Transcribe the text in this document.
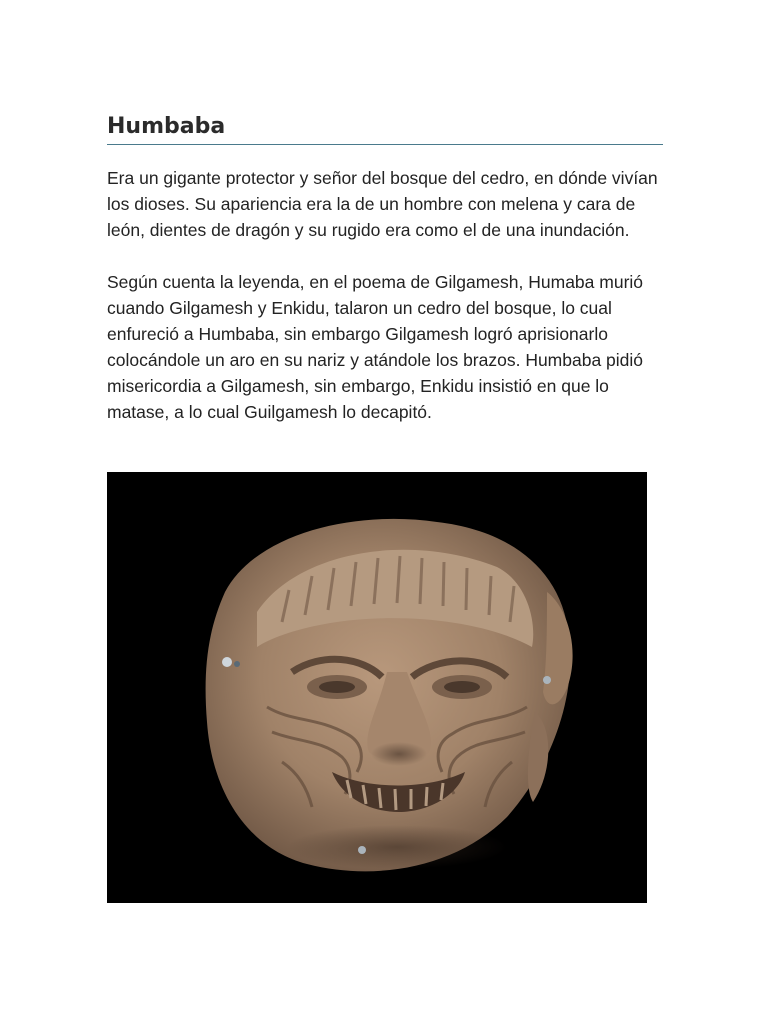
Humbaba

Era un gigante protector y señor del bosque del cedro, en dónde vivían los dioses. Su apariencia era la de un hombre con melena y cara de león, dientes de dragón y su rugido era como el de una inundación.

Según cuenta la leyenda, en el poema de Gilgamesh, Humaba murió cuando Gilgamesh y Enkidu, talaron un cedro del bosque, lo cual enfureció a Humbaba, sin embargo Gilgamesh logró aprisionarlo colocándole un aro en su nariz y atándole los brazos. Humbaba pidió misericordia a Gilgamesh, sin embargo, Enkidu insistió en que lo matase, a lo cual Guilgamesh lo decapitó.
